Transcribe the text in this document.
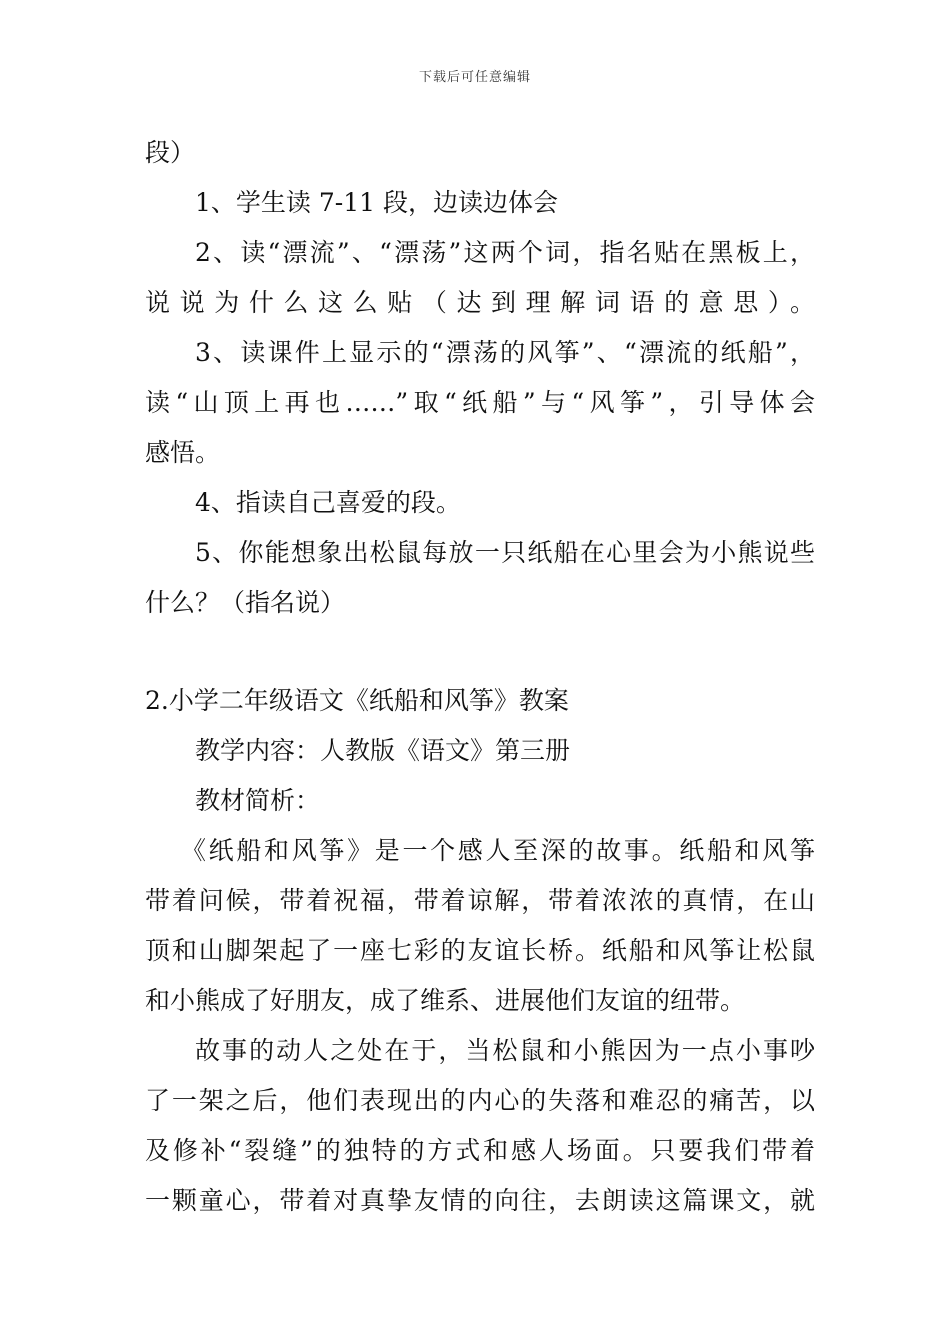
下载后可任意编辑
段）
1、学生读 7-11 段，边读边体会
2、读“漂流”、“漂荡”这两个词，指名贴在黑板上，
说说为什么这么贴（达到理解词语的意思）。
3、读课件上显示的“漂荡的风筝”、“漂流的纸船”，
读“山顶上再也……”取“纸船”与“风筝”，引导体会
感悟。
4、指读自己喜爱的段。
5、你能想象出松鼠每放一只纸船在心里会为小熊说些
什么？（指名说）
2.小学二年级语文《纸船和风筝》教案
教学内容：人教版《语文》第三册
教材简析：
《纸船和风筝》是一个感人至深的故事。纸船和风筝
带着问候，带着祝福，带着谅解，带着浓浓的真情，在山
顶和山脚架起了一座七彩的友谊长桥。纸船和风筝让松鼠
和小熊成了好朋友，成了维系、进展他们友谊的纽带。
故事的动人之处在于，当松鼠和小熊因为一点小事吵
了一架之后，他们表现出的内心的失落和难忍的痛苦，以
及修补“裂缝”的独特的方式和感人场面。只要我们带着
一颗童心，带着对真挚友情的向往，去朗读这篇课文，就
